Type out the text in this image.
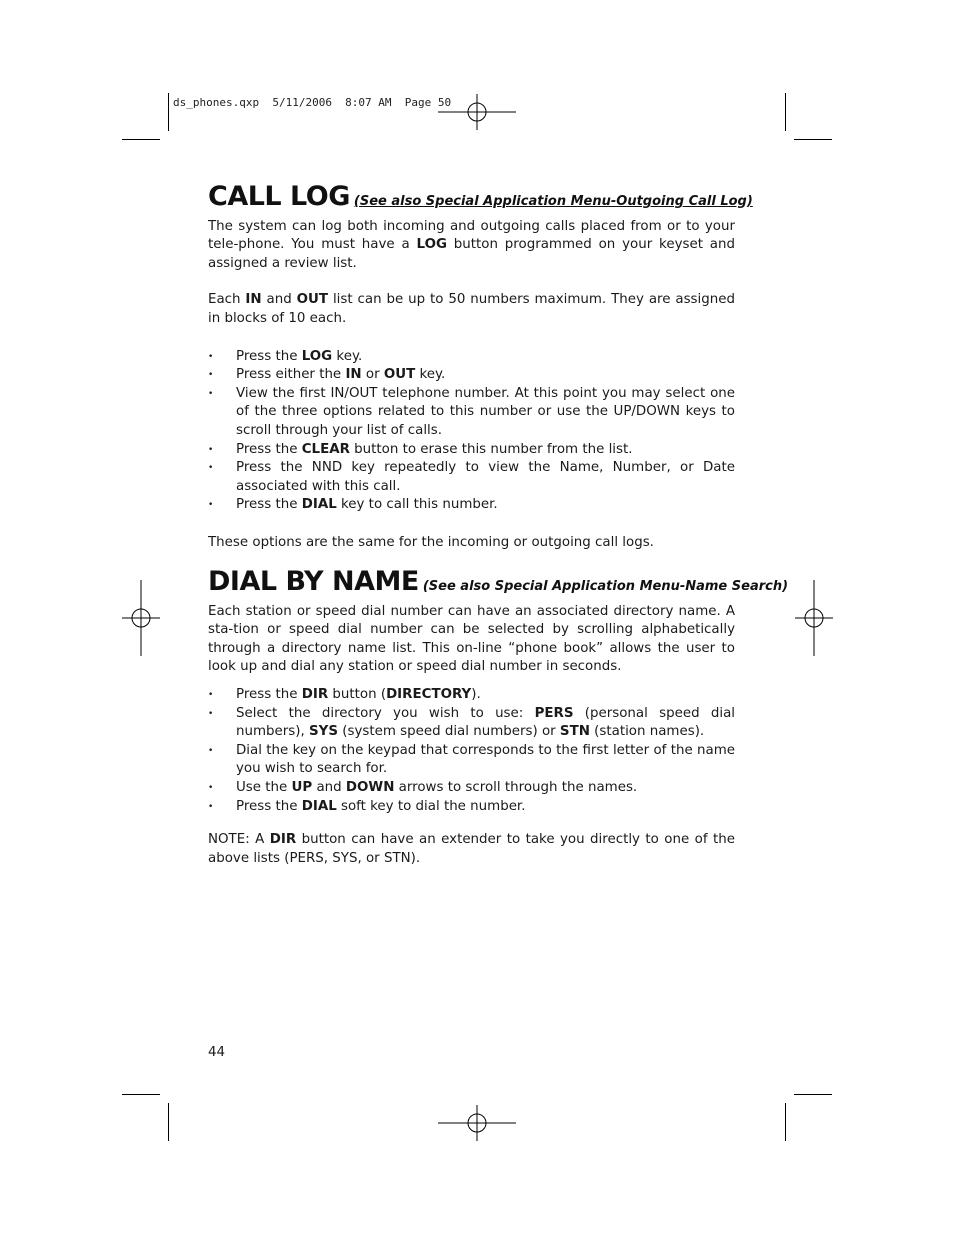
ds_phones.qxp  5/11/2006  8:07 AM  Page 50
CALL LOG (See also Special Application Menu-Outgoing Call Log)

The system can log both incoming and outgoing calls placed from or to your tele-phone. You must have a LOG button programmed on your keyset and assigned a review list.

Each IN and OUT list can be up to 50 numbers maximum. They are assigned in blocks of 10 each.

• Press the LOG key.
• Press either the IN or OUT key.
• View the first IN/OUT telephone number. At this point you may select one of the three options related to this number or use the UP/DOWN keys to scroll through your list of calls.
• Press the CLEAR button to erase this number from the list.
• Press the NND key repeatedly to view the Name, Number, or Date associated with this call.
• Press the DIAL key to call this number.

These options are the same for the incoming or outgoing call logs.

DIAL BY NAME (See also Special Application Menu-Name Search)

Each station or speed dial number can have an associated directory name. A sta-tion or speed dial number can be selected by scrolling alphabetically through a directory name list. This on-line “phone book” allows the user to look up and dial any station or speed dial number in seconds.

• Press the DIR button (DIRECTORY).
• Select the directory you wish to use: PERS (personal speed dial numbers), SYS (system speed dial numbers) or STN (station names).
• Dial the key on the keypad that corresponds to the first letter of the name you wish to search for.
• Use the UP and DOWN arrows to scroll through the names.
• Press the DIAL soft key to dial the number.

NOTE: A DIR button can have an extender to take you directly to one of the above lists (PERS, SYS, or STN).

44
